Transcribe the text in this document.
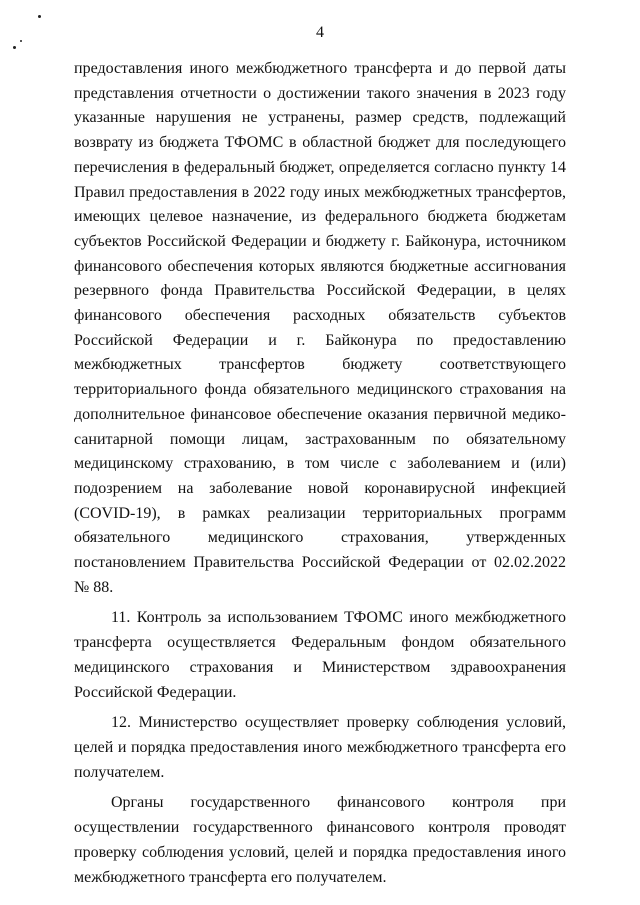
4

предоставления иного межбюджетного трансферта и до первой даты представления отчетности о достижении такого значения в 2023 году указанные нарушения не устранены, размер средств, подлежащий возврату из бюджета ТФОМС в областной бюджет для последующего перечисления в федеральный бюджет, определяется согласно пункту 14 Правил предоставления в 2022 году иных межбюджетных трансфертов, имеющих целевое назначение, из федерального бюджета бюджетам субъектов Российской Федерации и бюджету г. Байконура, источником финансового обеспечения которых являются бюджетные ассигнования резервного фонда Правительства Российской Федерации, в целях финансового обеспечения расходных обязательств субъектов Российской Федерации и г. Байконура по предоставлению межбюджетных трансфертов бюджету соответствующего территориального фонда обязательного медицинского страхования на дополнительное финансовое обеспечение оказания первичной медико-санитарной помощи лицам, застрахованным по обязательному медицинскому страхованию, в том числе с заболеванием и (или) подозрением на заболевание новой коронавирусной инфекцией (COVID-19), в рамках реализации территориальных программ обязательного медицинского страхования, утвержденных постановлением Правительства Российской Федерации от 02.02.2022 № 88.

11. Контроль за использованием ТФОМС иного межбюджетного трансферта осуществляется Федеральным фондом обязательного медицинского страхования и Министерством здравоохранения Российской Федерации.

12. Министерство осуществляет проверку соблюдения условий, целей и порядка предоставления иного межбюджетного трансферта его получателем.

Органы государственного финансового контроля при осуществлении государственного финансового контроля проводят проверку соблюдения условий, целей и порядка предоставления иного межбюджетного трансферта его получателем.
